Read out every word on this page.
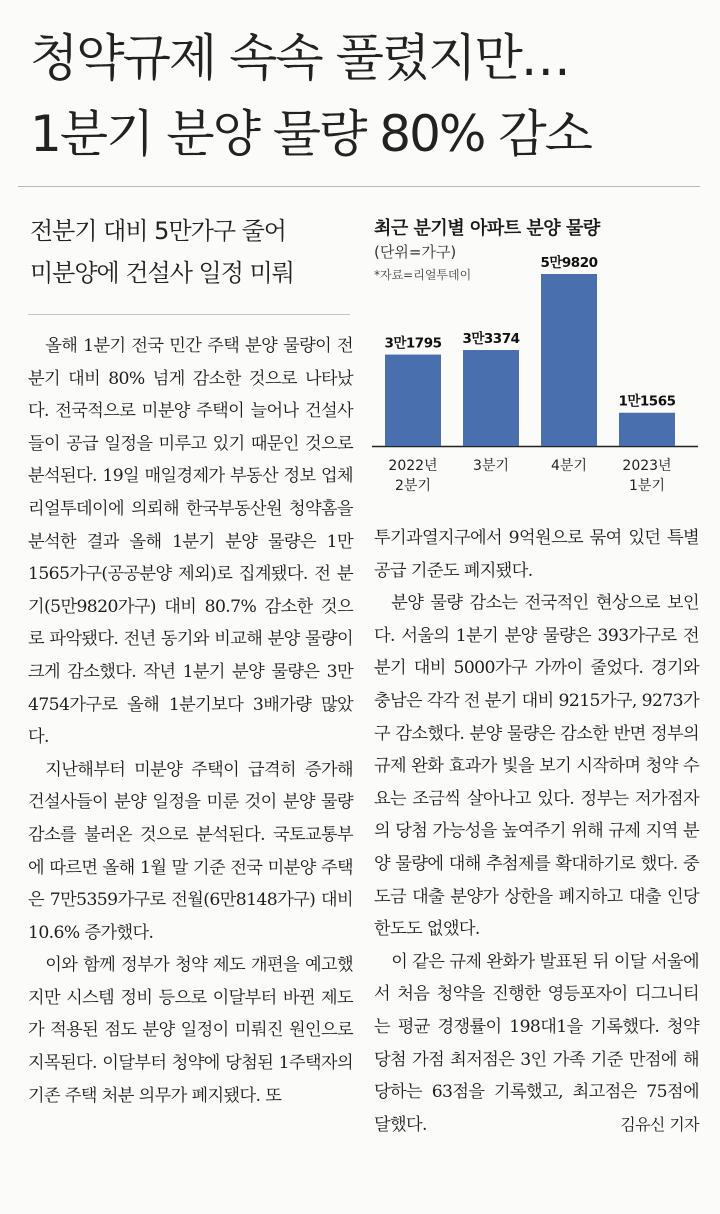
청약규제 속속 풀렸지만…
1분기 분양 물량 80% 감소
전분기 대비 5만가구 줄어
미분양에 건설사 일정 미뤄
최근 분기별 아파트 분양 물량
(단위=가구)
*자료=리얼투데이
3만1795
2022년
2분기
3만3374
3분기
5만9820
4분기
1만1565
2023년
1분기

올해 1분기 전국 민간 주택 분양 물량이 전 분기 대비 80% 넘게 감소한 것으로 나타났다. 전국적으로 미분양 주택이 늘어나 건설사들이 공급 일정을 미루고 있기 때문인 것으로 분석된다. 19일 매일경제가 부동산 정보 업체 리얼투데이에 의뢰해 한국부동산원 청약홈을 분석한 결과 올해 1분기 분양 물량은 1만1565가구(공공분양 제외)로 집계됐다. 전 분기(5만9820가구) 대비 80.7% 감소한 것으로 파악됐다. 전년 동기와 비교해 분양 물량이 크게 감소했다. 작년 1분기 분양 물량은 3만4754가구로 올해 1분기보다 3배가량 많았다.

지난해부터 미분양 주택이 급격히 증가해 건설사들이 분양 일정을 미룬 것이 분양 물량 감소를 불러온 것으로 분석된다. 국토교통부에 따르면 올해 1월 말 기준 전국 미분양 주택은 7만5359가구로 전월(6만8148가구) 대비 10.6% 증가했다.

이와 함께 정부가 청약 제도 개편을 예고했지만 시스템 정비 등으로 이달부터 바뀐 제도가 적용된 점도 분양 일정이 미뤄진 원인으로 지목된다. 이달부터 청약에 당첨된 1주택자의 기존 주택 처분 의무가 폐지됐다. 또

투기과열지구에서 9억원으로 묶여 있던 특별공급 기준도 폐지됐다.

분양 물량 감소는 전국적인 현상으로 보인다. 서울의 1분기 분양 물량은 393가구로 전 분기 대비 5000가구 가까이 줄었다. 경기와 충남은 각각 전 분기 대비 9215가구, 9273가구 감소했다. 분양 물량은 감소한 반면 정부의 규제 완화 효과가 빛을 보기 시작하며 청약 수요는 조금씩 살아나고 있다. 정부는 저가점자의 당첨 가능성을 높여주기 위해 규제 지역 분양 물량에 대해 추첨제를 확대하기로 했다. 중도금 대출 분양가 상한을 폐지하고 대출 인당 한도도 없앴다.

이 같은 규제 완화가 발표된 뒤 이달 서울에서 처음 청약을 진행한 영등포자이 디그니티는 평균 경쟁률이 198대1을 기록했다. 청약 당첨 가점 최저점은 3인 가족 기준 만점에 해당하는 63점을 기록했고, 최고점은 75점에 달했다.	김유신 기자
